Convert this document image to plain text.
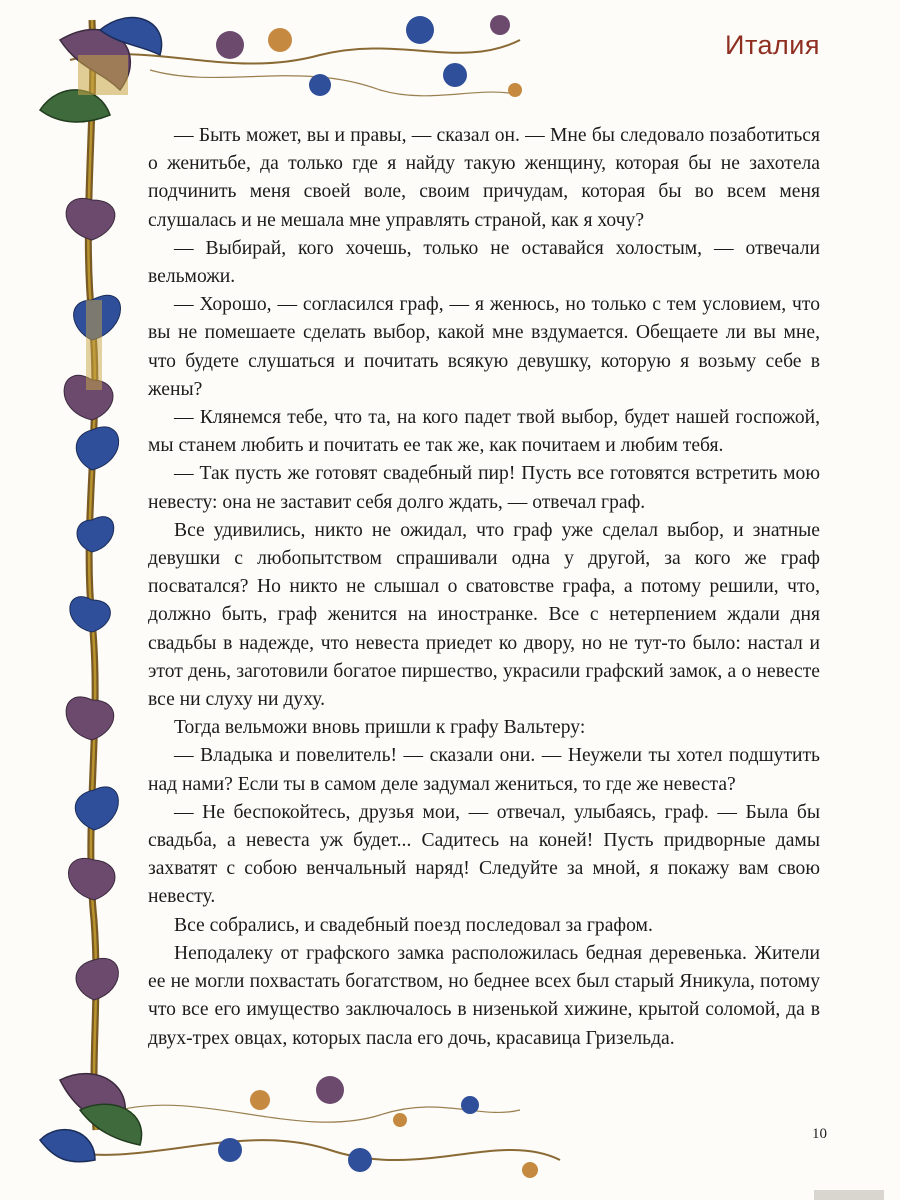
Италия

— Быть может, вы и правы, — сказал он. — Мне бы следовало позаботиться о женитьбе, да только где я найду такую женщину, которая бы не захотела подчинить меня своей воле, своим причудам, которая бы во всем меня слушалась и не мешала мне управлять страной, как я хочу?

— Выбирай, кого хочешь, только не оставайся холостым, — отвечали вельможи.

— Хорошо, — согласился граф, — я женюсь, но только с тем условием, что вы не помешаете сделать выбор, какой мне вздумается. Обещаете ли вы мне, что будете слушаться и почитать всякую девушку, которую я возьму себе в жены?

— Клянемся тебе, что та, на кого падет твой выбор, будет нашей госпожой, мы станем любить и почитать ее так же, как почитаем и любим тебя.

— Так пусть же готовят свадебный пир! Пусть все готовятся встретить мою невесту: она не заставит себя долго ждать, — отвечал граф.

Все удивились, никто не ожидал, что граф уже сделал выбор, и знатные девушки с любопытством спрашивали одна у другой, за кого же граф посватался? Но никто не слышал о сватовстве графа, а потому решили, что, должно быть, граф женится на иностранке. Все с нетерпением ждали дня свадьбы в надежде, что невеста приедет ко двору, но не тут-то было: настал и этот день, заготовили богатое пиршество, украсили графский замок, а о невесте все ни слуху ни духу.

Тогда вельможи вновь пришли к графу Вальтеру:

— Владыка и повелитель! — сказали они. — Неужели ты хотел подшутить над нами? Если ты в самом деле задумал жениться, то где же невеста?

— Не беспокойтесь, друзья мои, — отвечал, улыбаясь, граф. — Была бы свадьба, а невеста уж будет... Садитесь на коней! Пусть придворные дамы захватят с собою венчальный наряд! Следуйте за мной, я покажу вам свою невесту.

Все собрались, и свадебный поезд последовал за графом.

Неподалеку от графского замка расположилась бедная деревенька. Жители ее не могли похвастать богатством, но беднее всех был старый Яникула, потому что все его имущество заключалось в низенькой хижине, крытой соломой, да в двух-трех овцах, которых пасла его дочь, красавица Гризельда.

10
